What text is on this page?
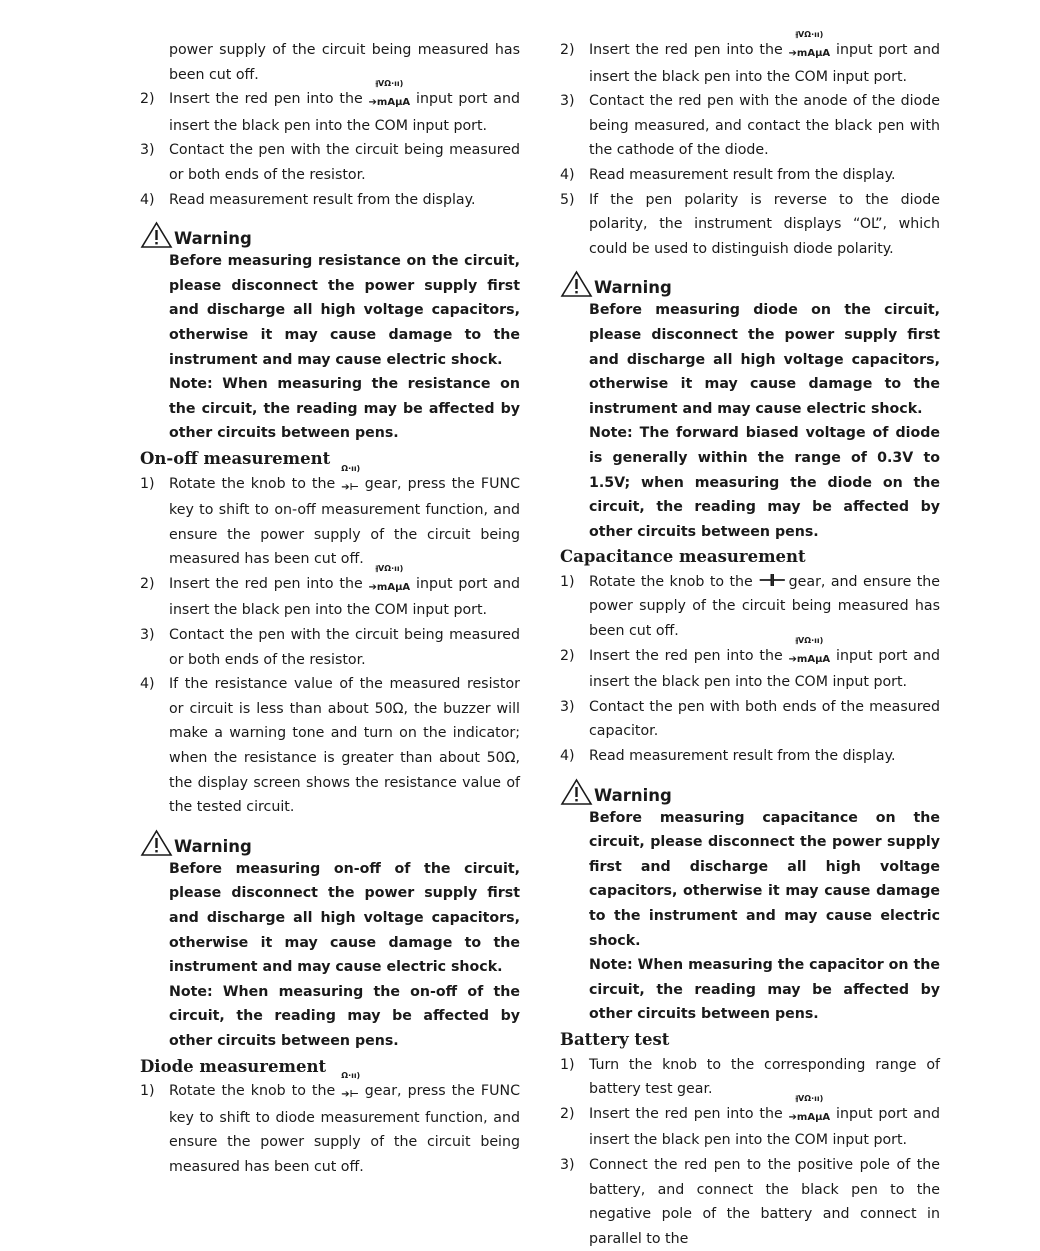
power supply of the circuit being measured has been cut off.
2)	Insert the red pen into the
⫲VΩ⋅ıı)
➔mAµA input port and insert the black pen into the COM input port.
3)	Contact the pen with the circuit being measured or both ends of the resistor.
4)	Read measurement result from the display.
Warning
Before measuring resistance on the circuit, please disconnect the power supply first and discharge all high voltage capacitors, otherwise it may cause damage to the instrument and may cause electric shock.
Note: When measuring the resistance on the circuit, the reading may be affected by other circuits between pens.
On-off measurement
1)	Rotate the knob to the
Ω∙ıı)
➔⊢ gear, press the FUNC key to shift to on-off measurement function, and ensure the power supply of the circuit being measured has been cut off.
2)	Insert the red pen into the
⫲VΩ⋅ıı)
➔mAµA input port and insert the black pen into the COM input port.
3)	Contact the pen with the circuit being measured or both ends of the resistor.
4)	If the resistance value of the measured resistor or circuit is less than about 50Ω, the buzzer will make a warning tone and turn on the indicator; when the resistance is greater than about 50Ω, the display screen shows the resistance value of the tested circuit.
Warning
Before measuring on-off of the circuit, please disconnect the power supply first and discharge all high voltage capacitors, otherwise it may cause damage to the instrument and may cause electric shock.
Note: When measuring the on-off of the circuit, the reading may be affected by other circuits between pens.
Diode measurement
1)	Rotate the knob to the
Ω∙ıı)
➔⊢ gear, press the FUNC key to shift to diode measurement function, and ensure the power supply of the circuit being measured has been cut off.
2)	Insert the red pen into the
⫲VΩ⋅ıı)
➔mAµA input port and insert the black pen into the COM input port.
3)	Contact the red pen with the anode of the diode being measured, and contact the black pen with the cathode of the diode.
4)	Read measurement result from the display.
5)	If the pen polarity is reverse to the diode polarity, the instrument displays “OL”, which could be used to distinguish diode polarity.
Warning
Before measuring diode on the circuit, please disconnect the power supply first and discharge all high voltage capacitors, otherwise it may cause damage to the instrument and may cause electric shock.
Note: The forward biased voltage of diode is generally within the range of 0.3V to 1.5V; when measuring the diode on the circuit, the reading may be affected by other circuits between pens.
Capacitance measurement
1)	Rotate the knob to the ⊣⊢ gear, and ensure the power supply of the circuit being measured has been cut off.
2)	Insert the red pen into the
⫲VΩ⋅ıı)
➔mAµA input port and insert the black pen into the COM input port.
3)	Contact the pen with both ends of the measured capacitor.
4)	Read measurement result from the display.
Warning
Before measuring capacitance on the circuit, please disconnect the power supply first and discharge all high voltage capacitors, otherwise it may cause damage to the instrument and may cause electric shock.
Note: When measuring the capacitor on the circuit, the reading may be affected by other circuits between pens.
Battery test
1)	Turn the knob to the corresponding range of battery test gear.
2)	Insert the red pen into the
⫲VΩ⋅ıı)
➔mAµA input port and insert the black pen into the COM input port.
3)	Connect the red pen to the positive pole of the battery, and connect the black pen to the negative pole of the battery and connect in parallel to the
